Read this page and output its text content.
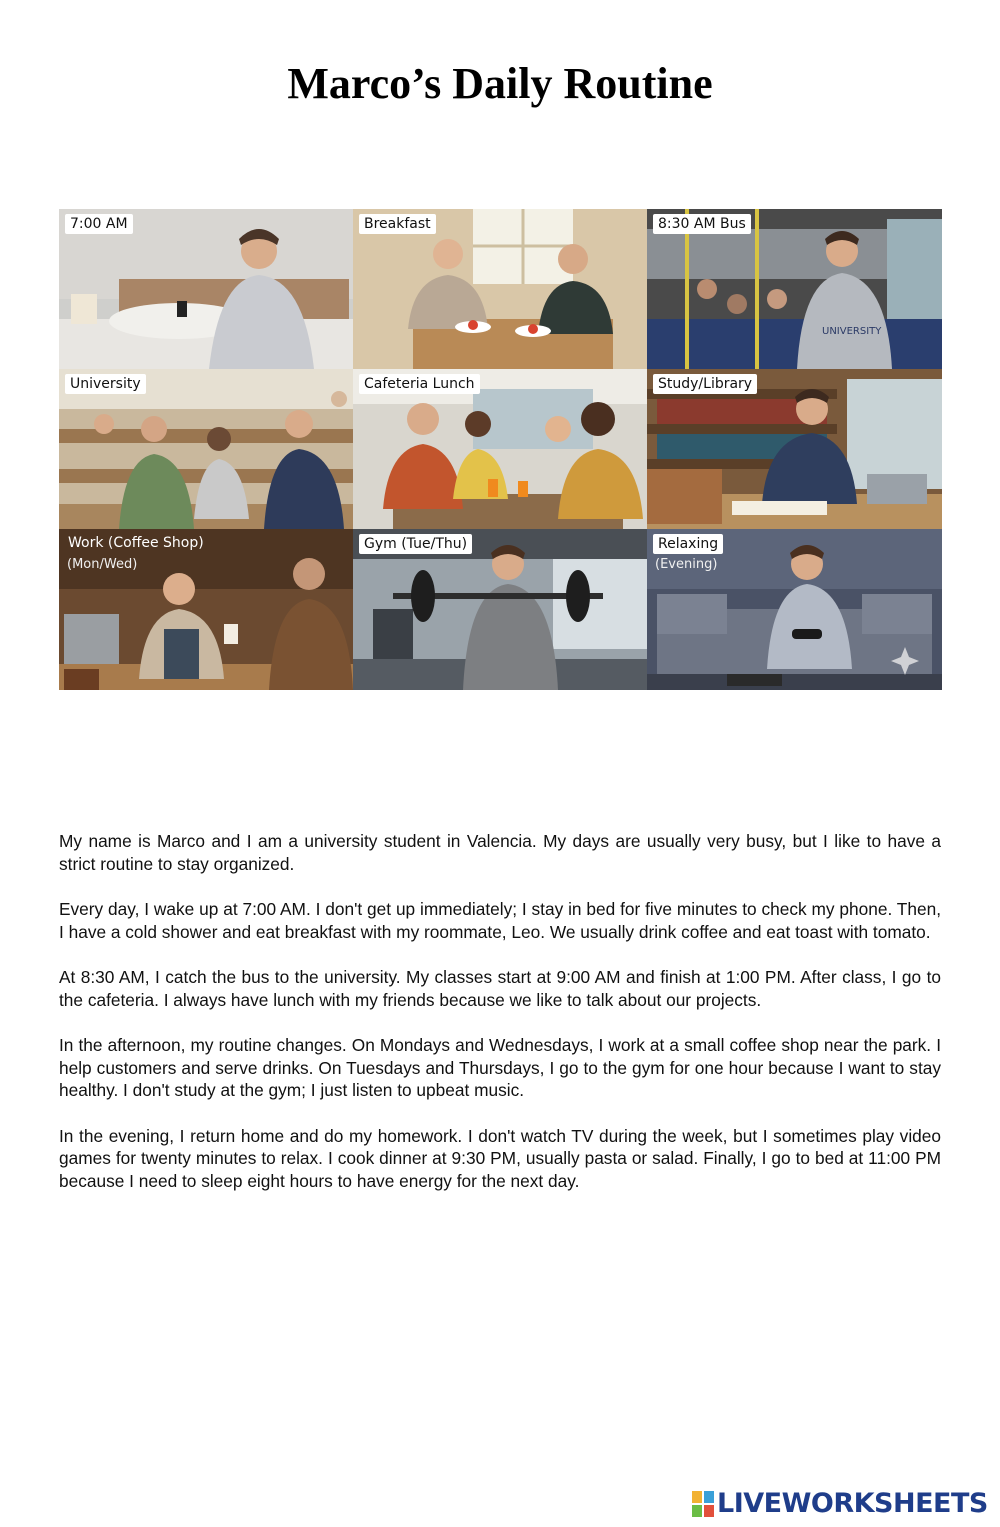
Marco’s Daily Routine
7:00 AM	Breakfast
UNIVERSITY
8:30 AM Bus
University	Cafeteria Lunch	Study/Library
Work (Coffee Shop)
(Mon/Wed)
Gym (Tue/Thu)	Relaxing
(Evening)

My name is Marco and I am a university student in Valencia. My days are usually very busy, but I like to have a strict routine to stay organized.

Every day, I wake up at 7:00 AM. I don't get up immediately; I stay in bed for five minutes to check my phone. Then, I have a cold shower and eat breakfast with my roommate, Leo. We usually drink coffee and eat toast with tomato.

At 8:30 AM, I catch the bus to the university. My classes start at 9:00 AM and finish at 1:00 PM. After class, I go to the cafeteria. I always have lunch with my friends because we like to talk about our projects.

In the afternoon, my routine changes. On Mondays and Wednesdays, I work at a small coffee shop near the park. I help customers and serve drinks. On Tuesdays and Thursdays, I go to the gym for one hour because I want to stay healthy. I don't study at the gym; I just listen to upbeat music.

In the evening, I return home and do my homework. I don't watch TV during the week, but I sometimes play video games for twenty minutes to relax. I cook dinner at 9:30 PM, usually pasta or salad. Finally, I go to bed at 11:00 PM because I need to sleep eight hours to have energy for the next day.

LIVEWORKSHEETS
